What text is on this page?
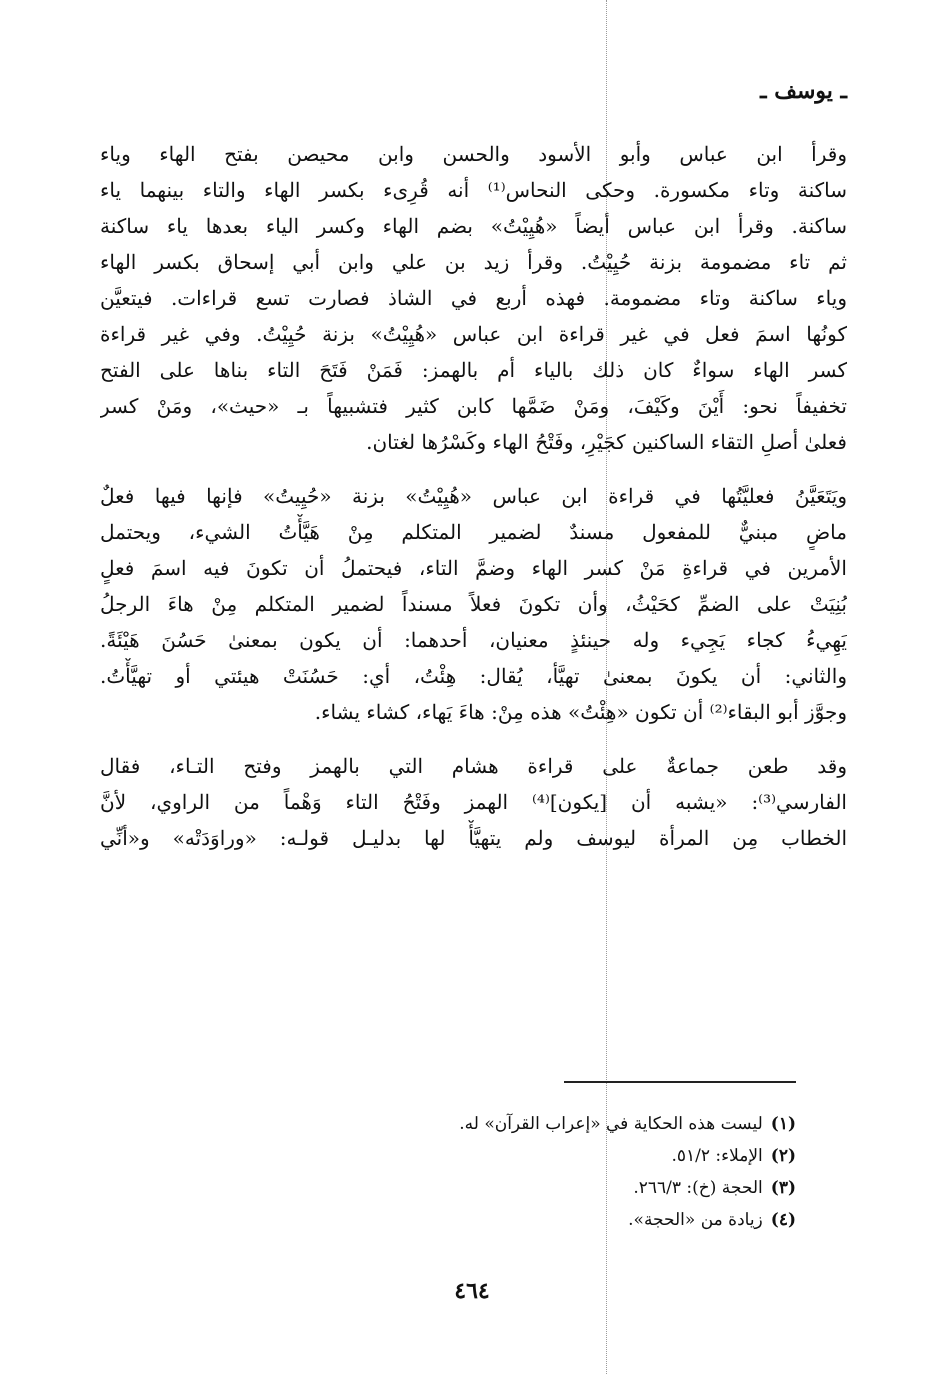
ـ يوسف ـ

وقرأ ابن عباس وأبو الأسود والحسن وابن محيصن بفتح الهاء وياء
ساكنة وتاء مكسورة. وحكى النحاس⁽¹⁾ أنه قُرِىء بكسر الهاء والتاء بينهما ياء
ساكنة. وقرأ ابن عباس أيضاً «هُيِيْتُ» بضم الهاء وكسر الياء بعدها ياء ساكنة
ثم تاء مضمومة بزنة حُيِيْتُ. وقرأ زيد بن علي وابن أبي إسحاق بكسر الهاء
وياء ساكنة وتاء مضمومة. فهذه أربع في الشاذ فصارت تسع قراءات. فيتعيَّن
كونُها اسمَ فعل في غير قراءة ابن عباس «هُيِيْتُ» بزنة حُيِيْتُ. وفي غير قراءة
كسر الهاء سواءٌ كان ذلك بالياء أم بالهمز: فَمَنْ فَتَحَ التاء بناها على الفتح
تخفيفاً نحو: أَيْنَ وكَيْفَ، ومَنْ ضَمَّها كابن كثير فتشبيهاً بـ «حيث»، ومَنْ كسر
فعلىٰ أصلِ التقاء الساكنين كجَيْرِ، وفَتْحُ الهاء وكَسْرُها لغتان.

ويَتَعَيَّنُ فعليَّتُها في قراءة ابن عباس «هُيِيْتُ» بزنة «حُيِيتُ» فإنها فيها فعلٌ
ماضٍ مبنيٌّ للمفعول مسندٌ لضمير المتكلم مِنْ هَيَّأْتُ الشيء، ويحتمل
الأمرين في قراءةِ مَنْ كسر الهاء وضمَّ التاء، فيحتملُ أن تكونَ فيه اسمَ فعلٍ
بُنِيَتْ على الضمِّ كحَيْثُ، وأن تكونَ فعلاً مسنداً لضمير المتكلم مِنْ هاءَ الرجلُ
يَهِيءُ كجاء يَجِيء وله حينئذٍ معنيان، أحدهما: أن يكون بمعنىٰ حَسُنَ هَيْئَةً.
والثاني: أن يكونَ بمعنىٰ تهيَّأ، يُقال: هِئْتُ، أي: حَسُنَتْ هيئتي أو تهيَّأْتُ.
وجوَّز أبو البقاء⁽²⁾ أن تكون «هِئْتُ» هذه مِنْ: هاءَ يَهاء، كشاء يشاء.

وقد طعن جماعةٌ على قراءة هشام التي بالهمز وفتح التـاء، فقال
الفارسي⁽³⁾: «يشبه أن [يكون]⁽⁴⁾ الهمز وفَتْحُ التاء وَهْماً من الراوي، لأنَّ
الخطاب مِن المرأة ليوسف ولم يتهيَّأْ لها بدليـل قولـه: «وراوَدَتْه» و«أنِّي

(١)ليست هذه الحكاية في «إعراب القرآن» له.
(٢)الإملاء: ٥١/٢.
(٣)الحجة (خ): ٢٦٦/٣.
(٤)زيادة من «الحجة».
٤٦٤
